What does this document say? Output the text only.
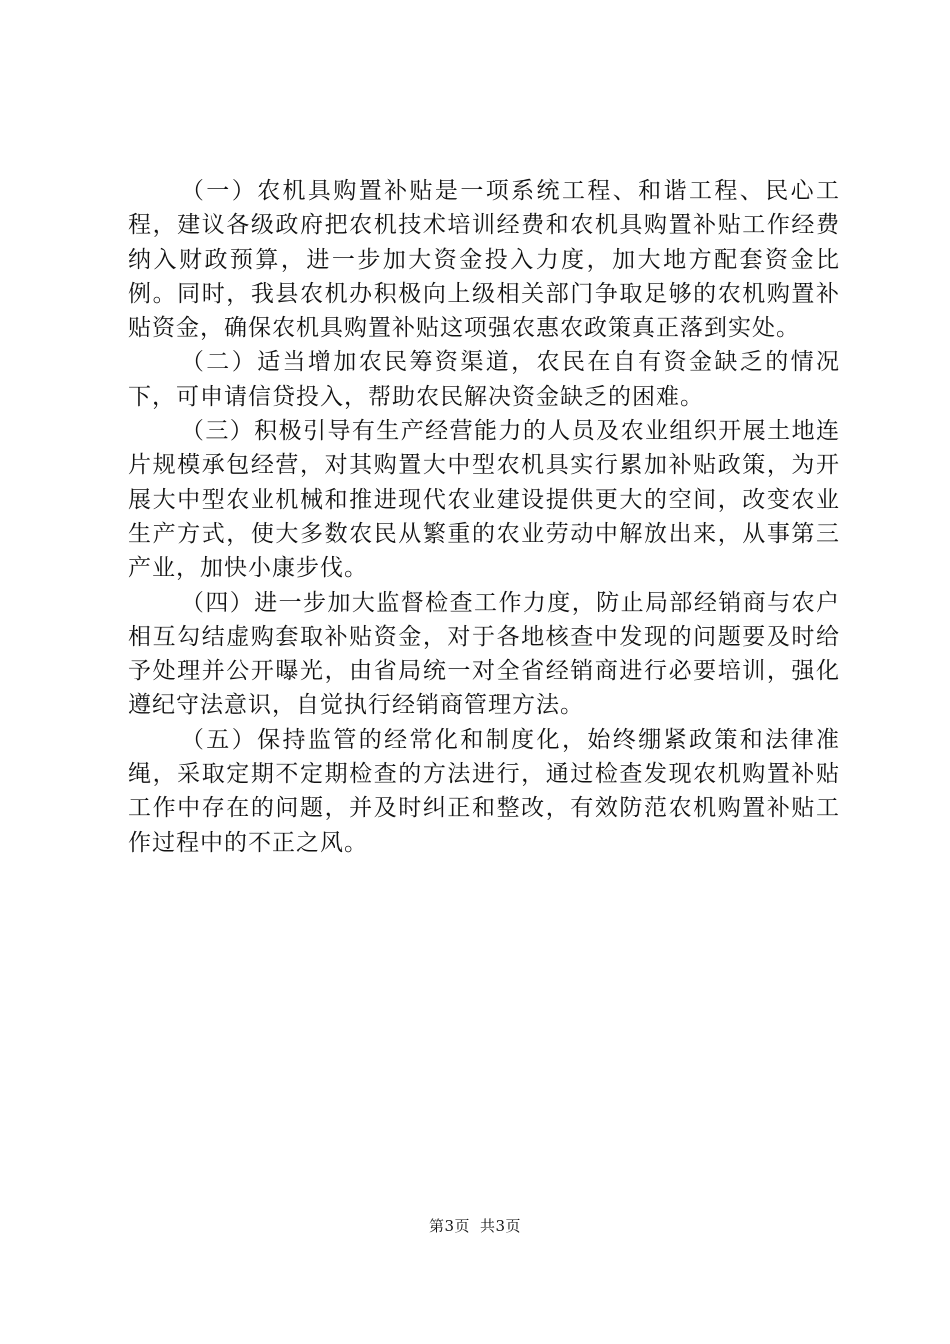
（一）农机具购置补贴是一项系统工程、和谐工程、民心工程，建议各级政府把农机技术培训经费和农机具购置补贴工作经费纳入财政预算，进一步加大资金投入力度，加大地方配套资金比例。同时，我县农机办积极向上级相关部门争取足够的农机购置补贴资金，确保农机具购置补贴这项强农惠农政策真正落到实处。

（二）适当增加农民筹资渠道，农民在自有资金缺乏的情况下，可申请信贷投入，帮助农民解决资金缺乏的困难。

（三）积极引导有生产经营能力的人员及农业组织开展土地连片规模承包经营，对其购置大中型农机具实行累加补贴政策，为开展大中型农业机械和推进现代农业建设提供更大的空间，改变农业生产方式，使大多数农民从繁重的农业劳动中解放出来，从事第三产业，加快小康步伐。

（四）进一步加大监督检查工作力度，防止局部经销商与农户相互勾结虚购套取补贴资金，对于各地核查中发现的问题要及时给予处理并公开曝光，由省局统一对全省经销商进行必要培训，强化遵纪守法意识，自觉执行经销商管理方法。

（五）保持监管的经常化和制度化，始终绷紧政策和法律准绳，采取定期不定期检查的方法进行，通过检查发现农机购置补贴工作中存在的问题，并及时纠正和整改，有效防范农机购置补贴工作过程中的不正之风。

第3页 共3页
